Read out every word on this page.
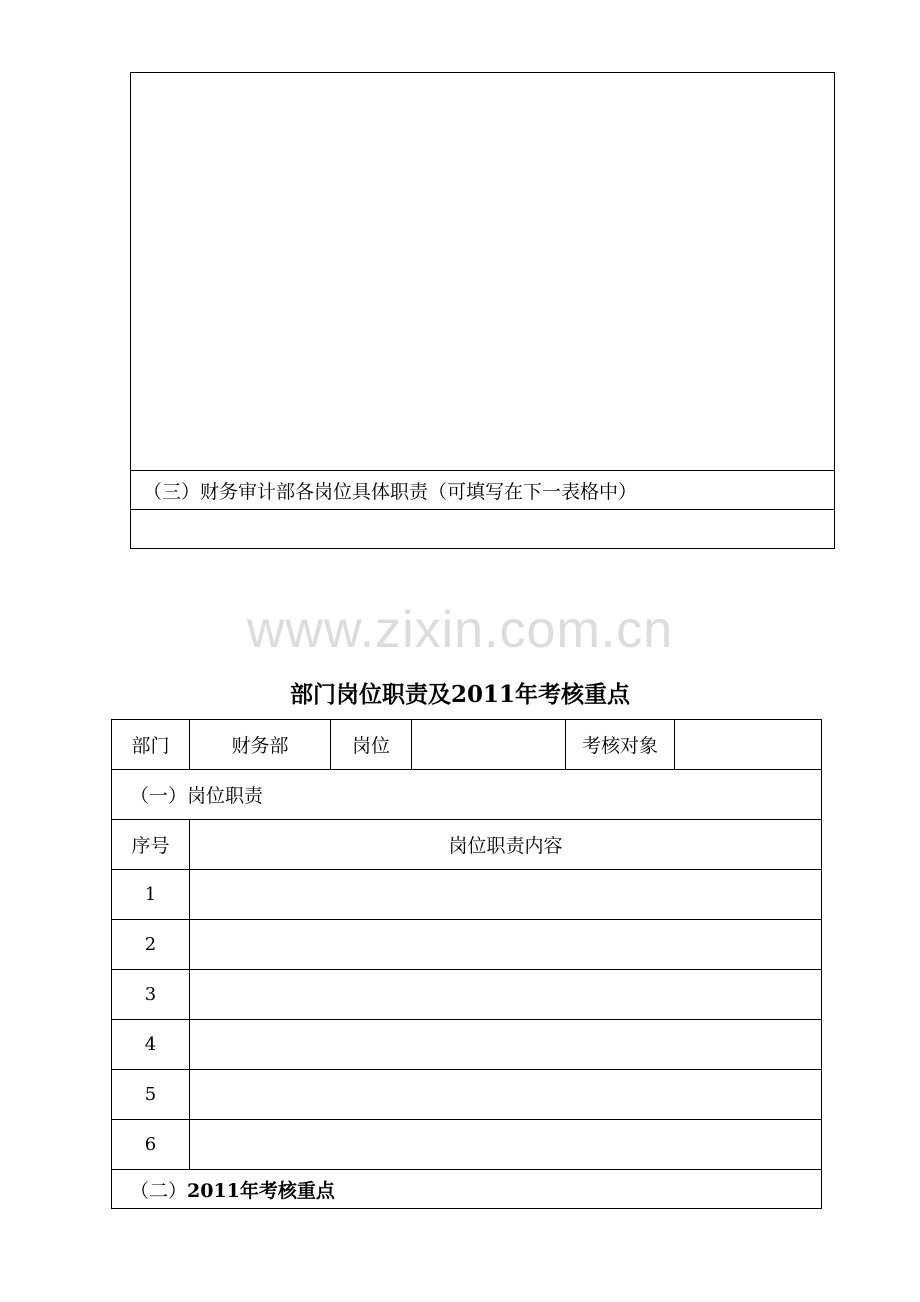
（三）财务审计部各岗位具体职责（可填写在下一表格中）

www.zixin.com.cn
部门岗位职责及2011年考核重点
部门	财务部	岗位		考核对象	
（一）岗位职责					
序号	岗位职责内容				
1					
2					
3					
4					
5					
6					
（二）2011年考核重点					
